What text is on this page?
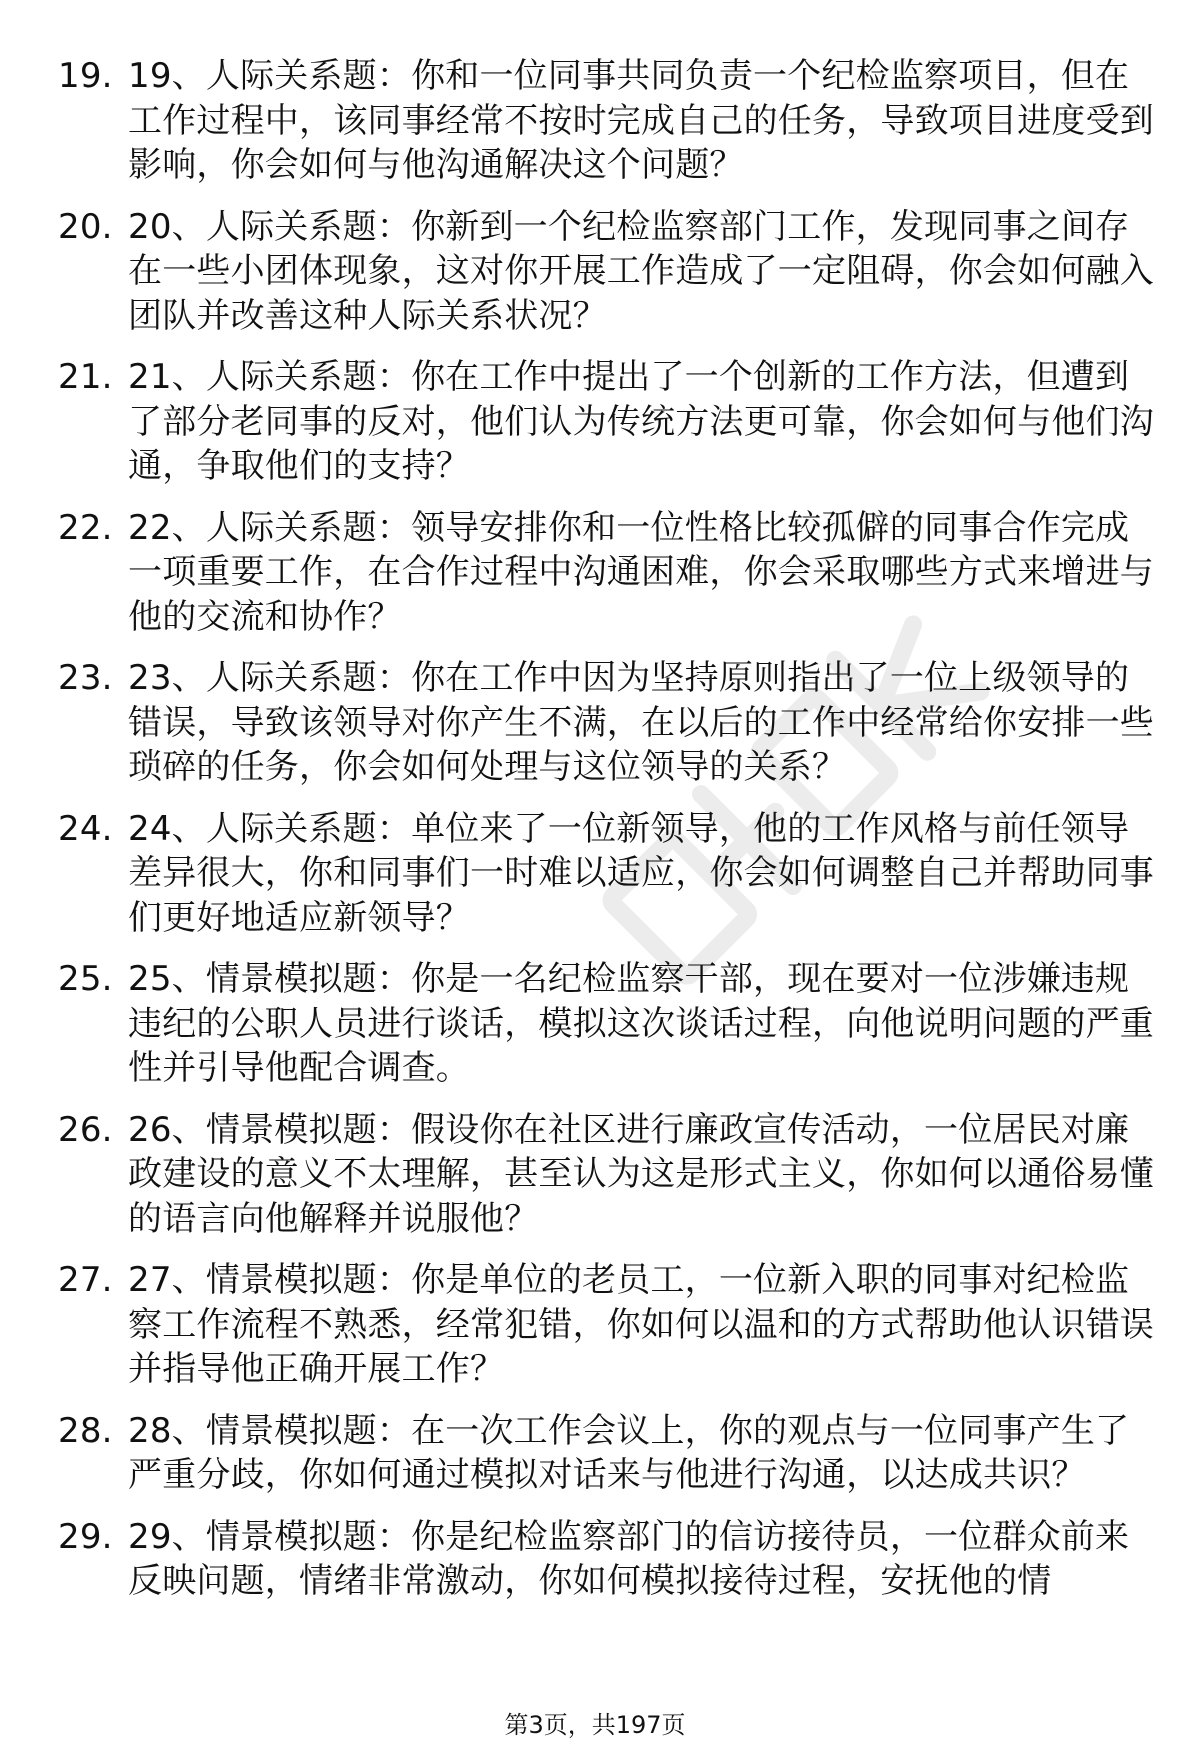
19. 19、人际关系题：你和一位同事共同负责一个纪检监察项目，但在工作过程中，该同事经常不按时完成自己的任务，导致项目进度受到影响，你会如何与他沟通解决这个问题？
20. 20、人际关系题：你新到一个纪检监察部门工作，发现同事之间存在一些小团体现象，这对你开展工作造成了一定阻碍，你会如何融入团队并改善这种人际关系状况？
21. 21、人际关系题：你在工作中提出了一个创新的工作方法，但遭到了部分老同事的反对，他们认为传统方法更可靠，你会如何与他们沟通，争取他们的支持？
22. 22、人际关系题：领导安排你和一位性格比较孤僻的同事合作完成一项重要工作，在合作过程中沟通困难，你会采取哪些方式来增进与他的交流和协作？
23. 23、人际关系题：你在工作中因为坚持原则指出了一位上级领导的错误，导致该领导对你产生不满，在以后的工作中经常给你安排一些琐碎的任务，你会如何处理与这位领导的关系？
24. 24、人际关系题：单位来了一位新领导，他的工作风格与前任领导差异很大，你和同事们一时难以适应，你会如何调整自己并帮助同事们更好地适应新领导？
25. 25、情景模拟题：你是一名纪检监察干部，现在要对一位涉嫌违规违纪的公职人员进行谈话，模拟这次谈话过程，向他说明问题的严重性并引导他配合调查。
26. 26、情景模拟题：假设你在社区进行廉政宣传活动，一位居民对廉政建设的意义不太理解，甚至认为这是形式主义，你如何以通俗易懂的语言向他解释并说服他？
27. 27、情景模拟题：你是单位的老员工，一位新入职的同事对纪检监察工作流程不熟悉，经常犯错，你如何以温和的方式帮助他认识错误并指导他正确开展工作？
28. 28、情景模拟题：在一次工作会议上，你的观点与一位同事产生了严重分歧，你如何通过模拟对话来与他进行沟通，以达成共识？
29. 29、情景模拟题：你是纪检监察部门的信访接待员，一位群众前来反映问题，情绪非常激动，你如何模拟接待过程，安抚他的情
第3页，共197页
